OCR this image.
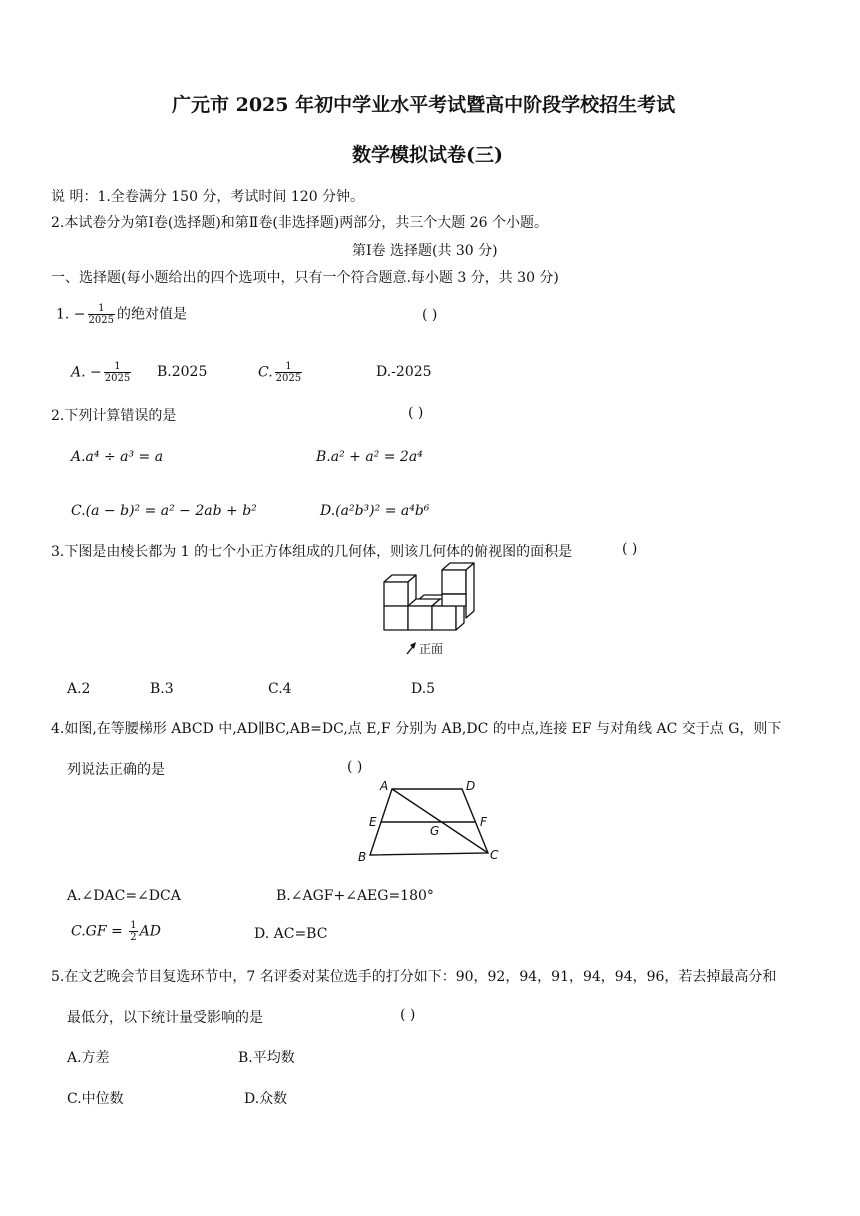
广元市 2025 年初中学业水平考试暨高中阶段学校招生考试
数学模拟试卷(三)
说 明：1.全卷满分 150 分，考试时间 120 分钟。
2.本试卷分为第Ⅰ卷(选择题)和第Ⅱ卷(非选择题)两部分，共三个大题 26 个小题。
第Ⅰ卷 选择题(共 30 分)
一、选择题(每小题给出的四个选项中，只有一个符合题意.每小题 3 分，共 30 分)
1. − $\frac{1}{2025}$ 的绝对值是	( )
A. − $\frac{1}{2025} B.2025$	C. $\frac{1}{2025}$	D.-2025
2.下列计算错误的是	( )
A.a⁴ ÷ a³ = a	B.a² + a² = 2a⁴
C.(a − b)² = a² − 2ab + b²	D.(a²b³)² = a⁴b⁶
3.下图是由棱长都为 1 的七个小正方体组成的几何体，则该几何体的俯视图的面积是	( )
正面
A.2	B.3	C.4	D.5
4.如图,在等腰梯形 ABCD 中,AD∥BC,AB=DC,点 E,F 分别为 AB,DC 的中点,连接 EF 与对角线 AC 交于点 G，则下
列说法正确的是	( )
A	D
E
G
F
B	C
A.∠DAC=∠DCA	B.∠AGF+∠AEG=180°
$C.GF = \frac{1}{2}$ AD	D. AC=BC
5.在文艺晚会节目复选环节中，7 名评委对某位选手的打分如下：90，92，94，91，94，94，96，若去掉最高分和
最低分，以下统计量受影响的是	( )
A.方差	B.平均数
C.中位数	D.众数
